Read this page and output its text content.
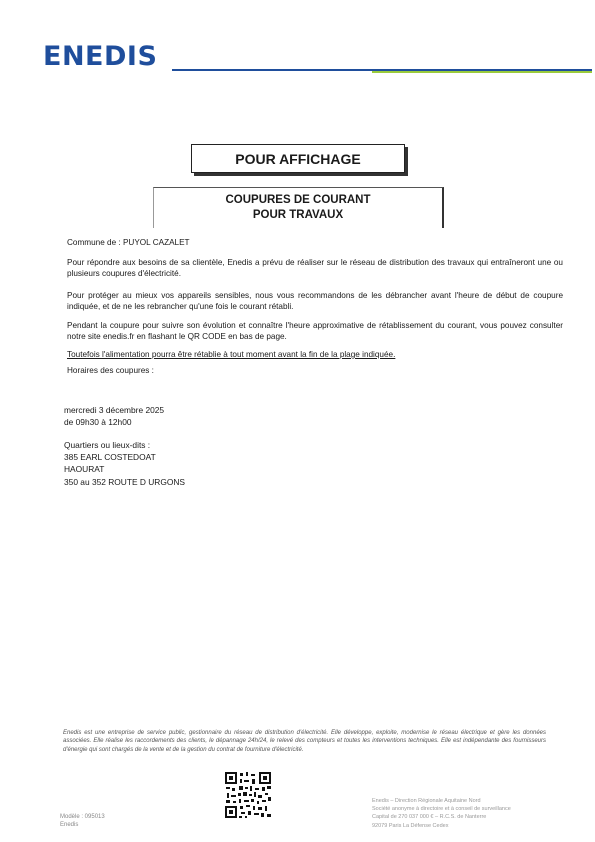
ENEDIS
POUR AFFICHAGE
COUPURES DE COURANT
POUR TRAVAUX
Commune de : PUYOL CAZALET

Pour répondre aux besoins de sa clientèle, Enedis a prévu de réaliser sur le réseau de distribution des travaux qui entraîneront une ou plusieurs coupures d'électricité.

Pour protéger au mieux vos appareils sensibles, nous vous recommandons de les débrancher avant l'heure de début de coupure indiquée, et de ne les rebrancher qu'une fois le courant rétabli.

Pendant la coupure pour suivre son évolution et connaître l'heure approximative de rétablissement du courant, vous pouvez consulter notre site enedis.fr en flashant le QR CODE en bas de page.

Toutefois l'alimentation pourra être rétablie à tout moment avant la fin de la plage indiquée.

Horaires des coupures :
mercredi 3 décembre 2025
de 09h30 à 12h00
Quartiers ou lieux-dits :
385 EARL COSTEDOAT
HAOURAT
350 au 352 ROUTE D URGONS
Enedis est une entreprise de service public, gestionnaire du réseau de distribution d'électricité. Elle développe, exploite, modernise le réseau électrique et gère les données associées. Elle réalise les raccordements des clients, le dépannage 24h/24, le relevé des compteurs et toutes les interventions techniques. Elle est indépendante des fournisseurs d'énergie qui sont chargés de la vente et de la gestion du contrat de fourniture d'électricité.
Modèle : 095013
Enedis
Enedis – Direction Régionale Aquitaine Nord
Société anonyme à directoire et à conseil de surveillance
Capital de 270 037 000 € – R.C.S. de Nanterre
92079 Paris La Défense Cedex
